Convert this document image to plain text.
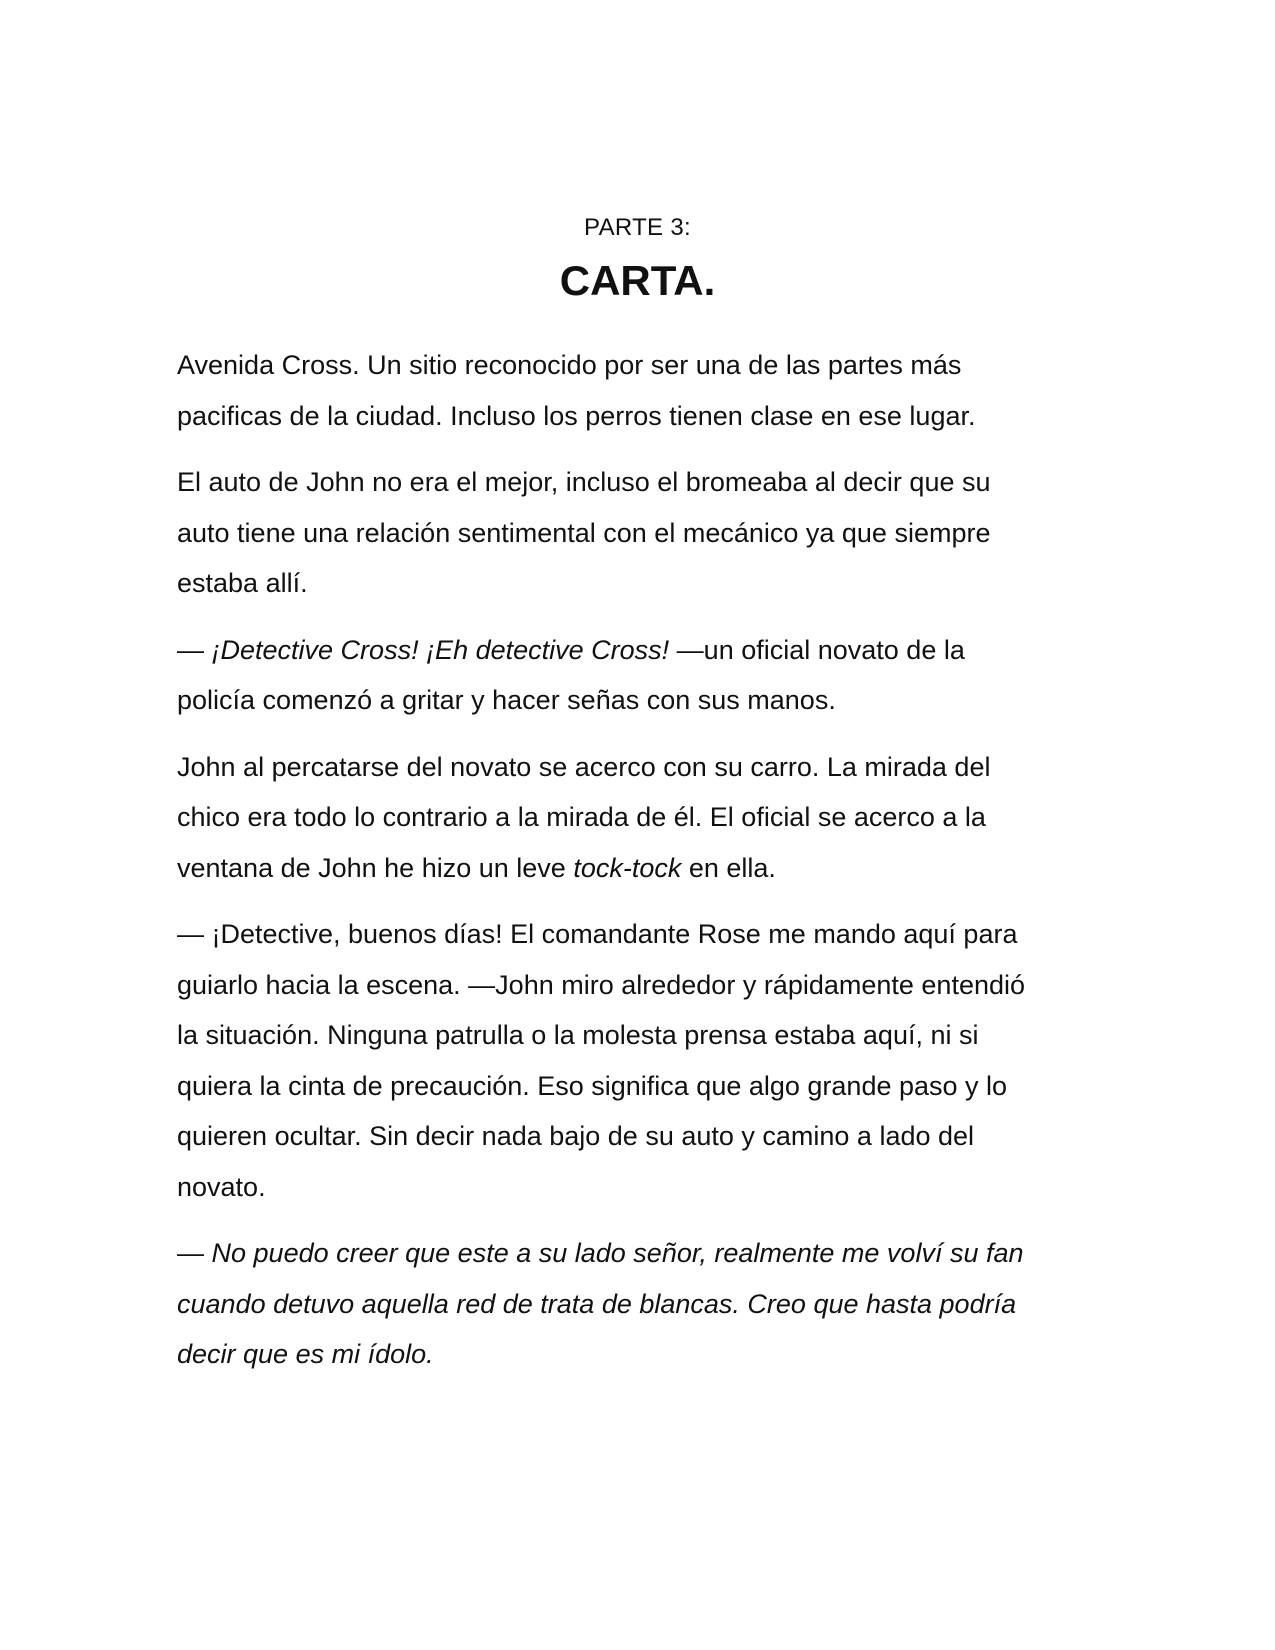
PARTE 3:
CARTA.

Avenida Cross. Un sitio reconocido por ser una de las partes más
pacificas de la ciudad. Incluso los perros tienen clase en ese lugar.

El auto de John no era el mejor, incluso el bromeaba al decir que su
auto tiene una relación sentimental con el mecánico ya que siempre
estaba allí.

— ¡Detective Cross! ¡Eh detective Cross! —un oficial novato de la
policía comenzó a gritar y hacer señas con sus manos.

John al percatarse del novato se acerco con su carro. La mirada del
chico era todo lo contrario a la mirada de él. El oficial se acerco a la
ventana de John he hizo un leve tock-tock en ella.

— ¡Detective, buenos días! El comandante Rose me mando aquí para
guiarlo hacia la escena. —John miro alrededor y rápidamente entendió
la situación. Ninguna patrulla o la molesta prensa estaba aquí, ni si
quiera la cinta de precaución. Eso significa que algo grande paso y lo
quieren ocultar. Sin decir nada bajo de su auto y camino a lado del
novato.

— No puedo creer que este a su lado señor, realmente me volví su fan
cuando detuvo aquella red de trata de blancas. Creo que hasta podría
decir que es mi ídolo.
